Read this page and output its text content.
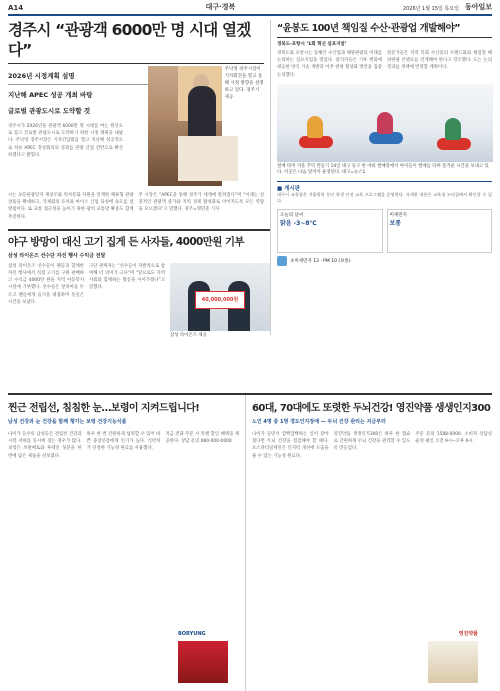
A14	대구·경북	2026년 1월 15일 목요일 동아일보
경주시 “관광객 6000만 명 시대 열겠다”
2026년 시정계획 설명
지난해 APEC 성공 개최 바탕
글로벌 관광도시로 도약할 것
경주시가 2026년을 관광객 6000만 명 시대를 여는 원년으로 삼고 글로벌 관광도시로 도약하기 위한 시정 계획을 내놨다. 주낙영 경주시장은 기자간담회를 열고 지난해 성공적으로 치른 APEC 정상회의의 성과를 관광 산업 전반으로 확산하겠다고 밝혔다.
주낙영 경주시장이 기자회견을 열고 올해 시정 방향을 설명하고 있다. 경주시 제공
시는 보문관광단지 재창조와 역사문화 자원을 연계한 체류형 관광 상품을 확대하고, 국제회의 유치와 마이스 산업 육성에 속도를 낼 방침이다. 또 교통 접근성을 높이기 위한 광역 교통망 확충도 함께 추진한다.
주 시장은 “APEC을 통해 경주가 세계에 알려졌다”며 “이제는 실질적인 관광객 증가와 지역 경제 활성화로 이어지도록 모든 역량을 모으겠다”고 말했다. 경주=명민준 기자
야구 방망이 대신 고기 집게 든 사자들, 4000만원 기부
삼성 라이온즈 선수단 자선 행사 수익금 전달
삼성 라이온즈 선수들이 팬들과 함께한 자선 행사에서 직접 고기를 구워 판매하고 수익금 4000만 원을 지역 아동복지시설에 기부했다. 선수들은 앞치마를 두르고 팬들에게 음식을 대접하며 뜻깊은 시간을 보냈다.
구단 관계자는 “선수들이 자발적으로 참여해 더 의미가 크다”며 “앞으로도 지역 사회와 함께하는 활동을 이어가겠다”고 말했다.
40,000,000원
삼성 라이온즈 제공
“윤봉도 100년 책임질 수산·관광업 개발해야”
경북도·포항시 ‘1회 혁신 심포지엄’
경북도와 포항시는 동해안 수산업과 해양관광의 미래를 논의하는 심포지엄을 열었다. 참석자들은 기후 변화에 대응한 양식 기술 개발과 어촌 관광 활성화 방안을 집중 논의했다.
전문가들은 지역 특화 수산물의 브랜드화와 체험형 해양관광 콘텐츠를 연계해야 한다고 강조했다. 도는 논의 결과를 정책에 반영할 계획이다.
썰매 타며 겨울 추억 만들기 14일 대구 동구 한 야외 썰매장에서 아이들이 썰매를 타며 즐거운 시간을 보내고 있다. 이곳은 다음 달까지 운영된다. 대구=뉴스1
■ 게시판
대구시 교육청은 겨울방학 동안 학생 안전 교육 프로그램을 운영한다. 자세한 내용은 교육청 누리집에서 확인할 수 있다.
오늘의 날씨
맑음 -3~8℃
미세먼지
보통
초미세먼지 13 · PM 10 (보통)
찐근 전립선, 침침한 눈…보령이 지켜드립니다!
남성 건강과 눈 건강을 함께 챙기는 보령 건강기능식품
나이가 들수록 남성들은 전립선 건강과 시력 저하를 동시에 겪는 경우가 많다. 보령은 쏘팔메토와 루테인 성분을 한 번에 담은 제품을 선보였다.
하루 한 번 간편하게 섭취할 수 있어 바쁜 중장년층에게 인기가 높다. 식약처가 인정한 기능성 원료를 사용했다.
지금 전화 주문 시 특별 할인 혜택을 제공한다. 상담 문의 080-000-0000
BORYUNG
60대, 70대에도 또렷한 두뇌건강! 영진약품 생생인지300
노인 4명 중 1명 경도인지장애 — 두뇌 건강 관리는 지금부터
나이가 들면서 깜빡깜빡하는 일이 잦아졌다면 두뇌 건강을 점검해야 할 때다. 포스파티딜세린은 인지력 개선에 도움을 줄 수 있는 기능성 원료다.
영진약품 생생인지300은 하루 한 캡슐로 간편하게 두뇌 건강을 관리할 수 있도록 만들었다.
주문 문의 1588-0000. 소비자 상담실 운영 평일 오전 9시~오후 6시.
영진약품
